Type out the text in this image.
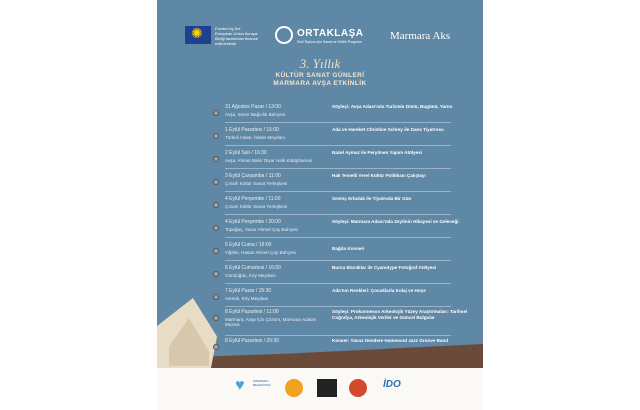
✺	Funded by the European Union Avrupa Birliği tarafından finanse edilmektedir
ORTAKLAŞA
Sivil Toplum için Sanat ve Kültür Programı	Marmara Aks
3. Yıllık
KÜLTÜR SANAT GÜNLERİ
MARMARA AVŞA ETKİNLİK
31 Ağustos Pazar / 13:00
Avşa, Sezer Bağcılık Bahçesi
Söyleşi: Avşa Adası'nda Turizmin Dünü, Bugünü, Yarını
1 Eylül Pazartesi / 15:00
Türkeli Adası, İskele Meydanı
Ada ve Hareket Christine Schrey ile Dans Tiyatrosu
2 Eylül Salı / 16:30
Avşa, Ahmet Bakır Diyar Halk Kütüphanesi
Nazel Aymaz ile Peryönen Yapım Atölyesi
3 Eylül Çarşamba / 11:00
Çınarlı Kültür Sanat Yerleşkesi
Hak Temelli Yerel Kültür Politikası Çalıştayı
4 Eylül Perşembe / 11:00
Çınarlı Kültür Sanat Yerleşkesi
Sevinç Erbulak ile Tiyatroda Bir Gün
4 Eylül Perşembe / 20:00
Topağaç, Yazar Ahmet Çay Bahçesi
Söyleşi: Marmara Adası'nda Zeytinin Hikayesi ve Geleceği
5 Eylül Cuma / 19:00
Yiğitler, Hasan Ahmet Çay Bahçesi
Bağda Konseri
6 Eylül Cumartesi / 16:00
Gündoğdu, Köy Meydanı
Burcu Bücüklar ile Cyanotype Fotoğraf Atölyesi
7 Eylül Pazar / 15:30
Asmalı, Köy Meydanı
Ada'nın Renkleri: Çocuklarla Kolaj ve Hoşe
8 Eylül Pazartesi / 11:00
Marmara, Avşa İçin Çözüm, Marmara Adaları Müzesi
Söyleşi: Prokonnesos Arkeolojik Yüzey Araştırmaları: Tarihsel Coğrafya, Arkeolojik Veriler ve Güncel Bulgular
8 Eylül Pazartesi / 20:30	Konser: Yavuz Dendere Hammond Jazz Groove Band
♥	MARMARA BELEDİYESİ	İDO
